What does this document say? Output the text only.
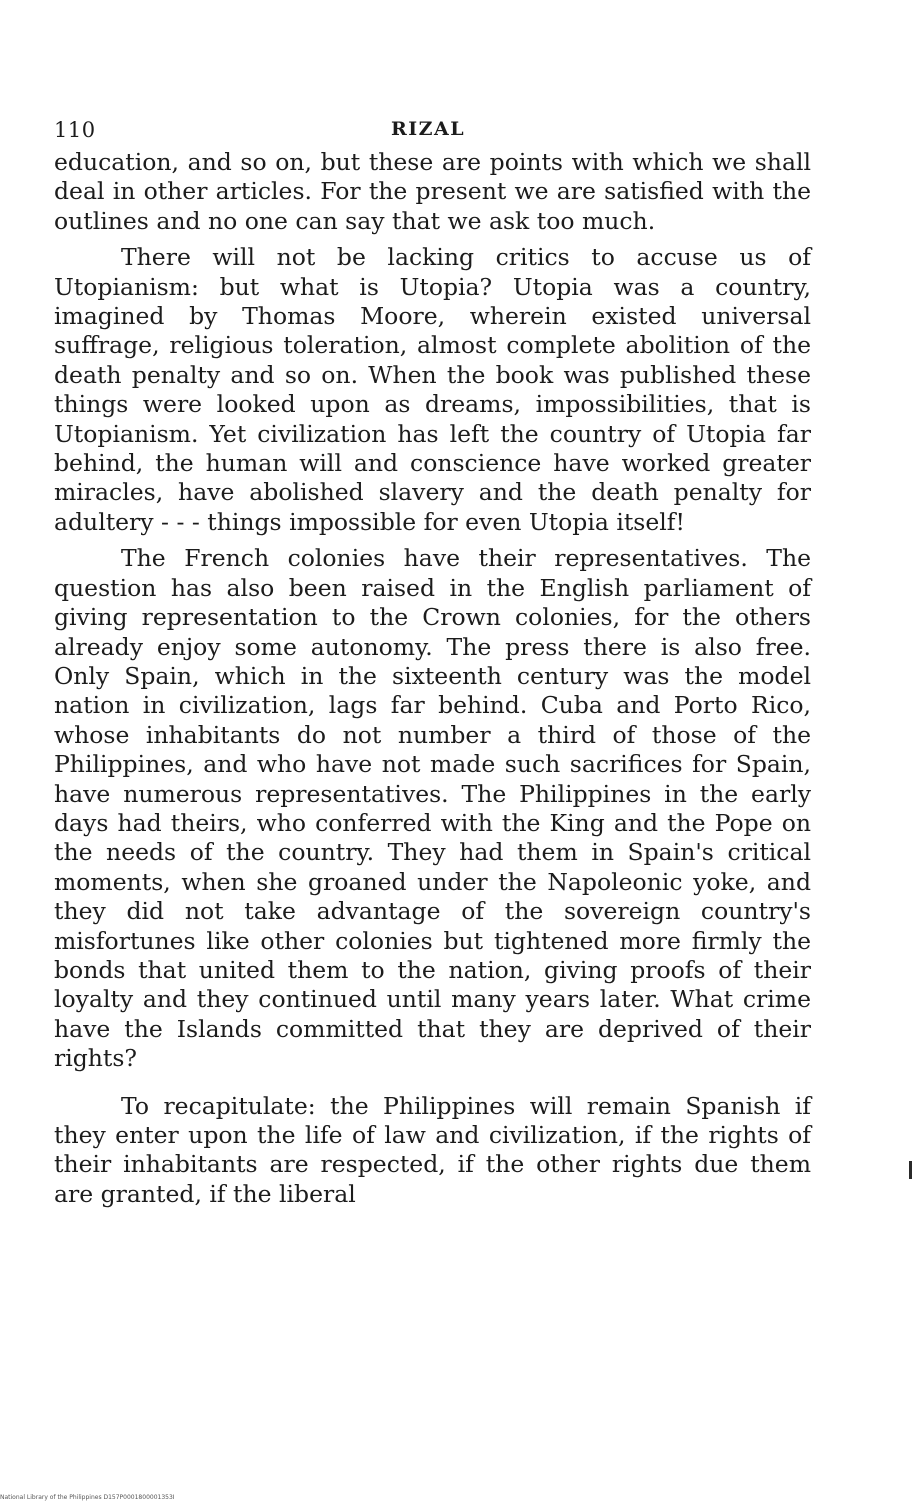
110	RIZAL

education, and so on, but these are points with which we shall deal in other articles. For the present we are satisfied with the outlines and no one can say that we ask too much.

There will not be lacking critics to accuse us of Utopianism: but what is Utopia? Utopia was a country, imagined by Thomas Moore, wherein existed universal suffrage, religious toleration, almost complete abolition of the death penalty and so on. When the book was published these things were looked upon as dreams, impossibilities, that is Utopianism. Yet civilization has left the country of Utopia far behind, the human will and conscience have worked greater miracles, have abolished slavery and the death penalty for adultery - - - things impossible for even Utopia itself!

The French colonies have their representatives. The question has also been raised in the English parliament of giving representation to the Crown colonies, for the others already enjoy some autonomy. The press there is also free. Only Spain, which in the sixteenth century was the model nation in civilization, lags far behind. Cuba and Porto Rico, whose inhabitants do not number a third of those of the Philippines, and who have not made such sacrifices for Spain, have numerous representatives. The Philippines in the early days had theirs, who conferred with the King and the Pope on the needs of the country. They had them in Spain's critical moments, when she groaned under the Napoleonic yoke, and they did not take advantage of the sovereign country's misfortunes like other colonies but tightened more firmly the bonds that united them to the nation, giving proofs of their loyalty and they continued until many years later. What crime have the Islands committed that they are deprived of their rights?

To recapitulate: the Philippines will remain Spanish if they enter upon the life of law and civilization, if the rights of their inhabitants are respected, if the other rights due them are granted, if the liberal

National Library of the Philippines D157P0001800001353I
